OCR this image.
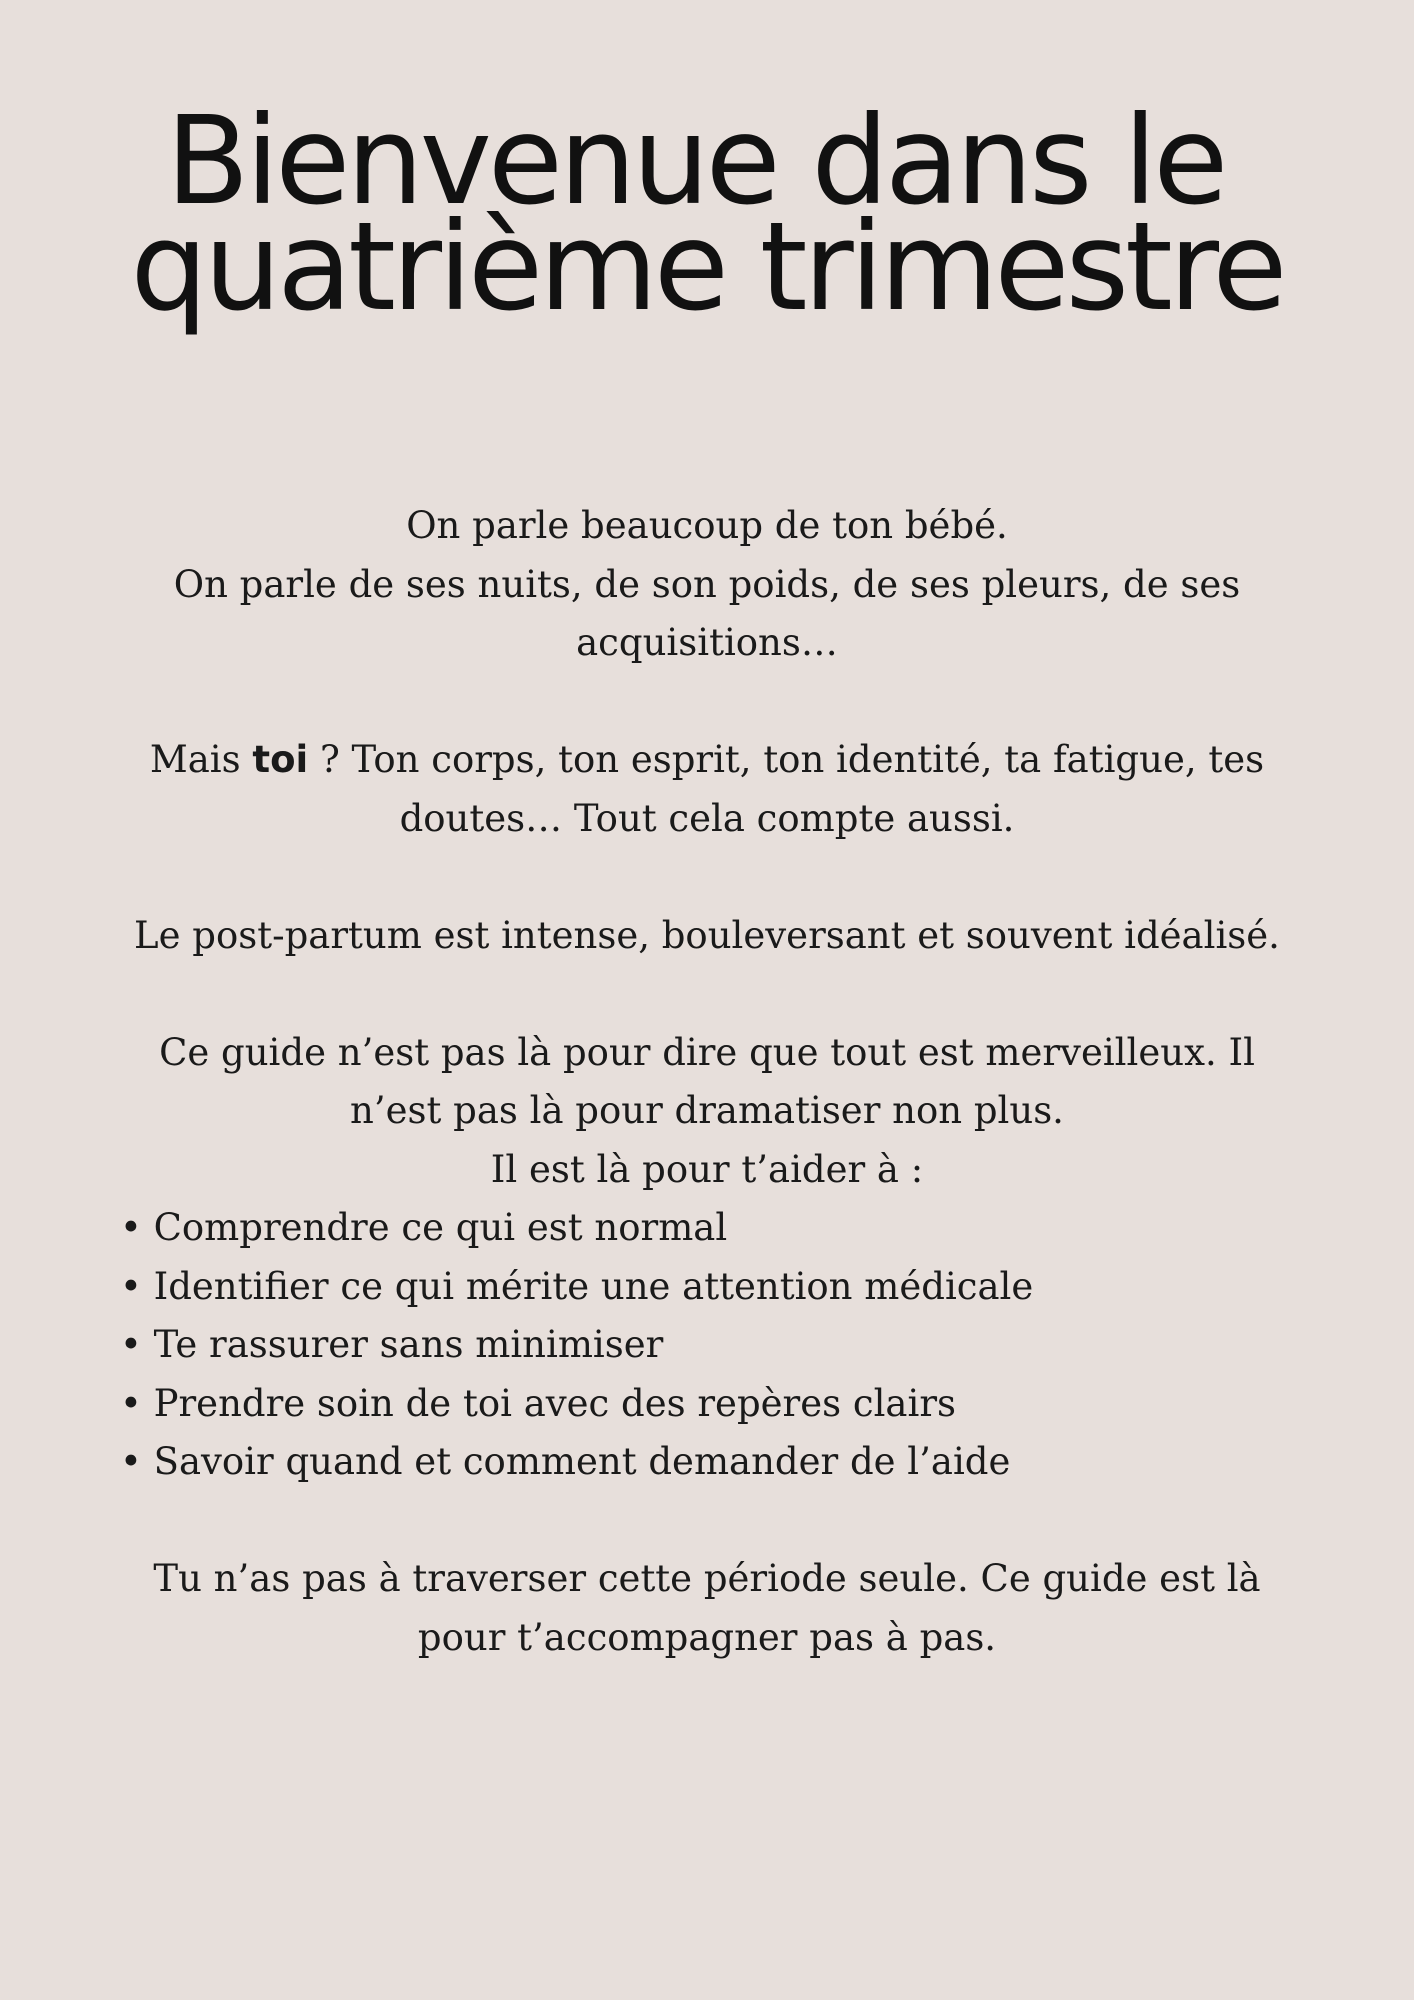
Bienvenue dans le
quatrième trimestre

On parle beaucoup de ton bébé.

On parle de ses nuits, de son poids, de ses pleurs, de ses acquisitions…

Mais toi ? Ton corps, ton esprit, ton identité, ta fatigue, tes doutes… Tout cela compte aussi.

Le post-partum est intense, bouleversant et souvent idéalisé.

Ce guide n’est pas là pour dire que tout est merveilleux. Il n’est pas là pour dramatiser non plus.

Il est là pour t’aider à :

• Comprendre ce qui est normal
• Identifier ce qui mérite une attention médicale
• Te rassurer sans minimiser
• Prendre soin de toi avec des repères clairs
• Savoir quand et comment demander de l’aide

Tu n’as pas à traverser cette période seule. Ce guide est là pour t’accompagner pas à pas.
